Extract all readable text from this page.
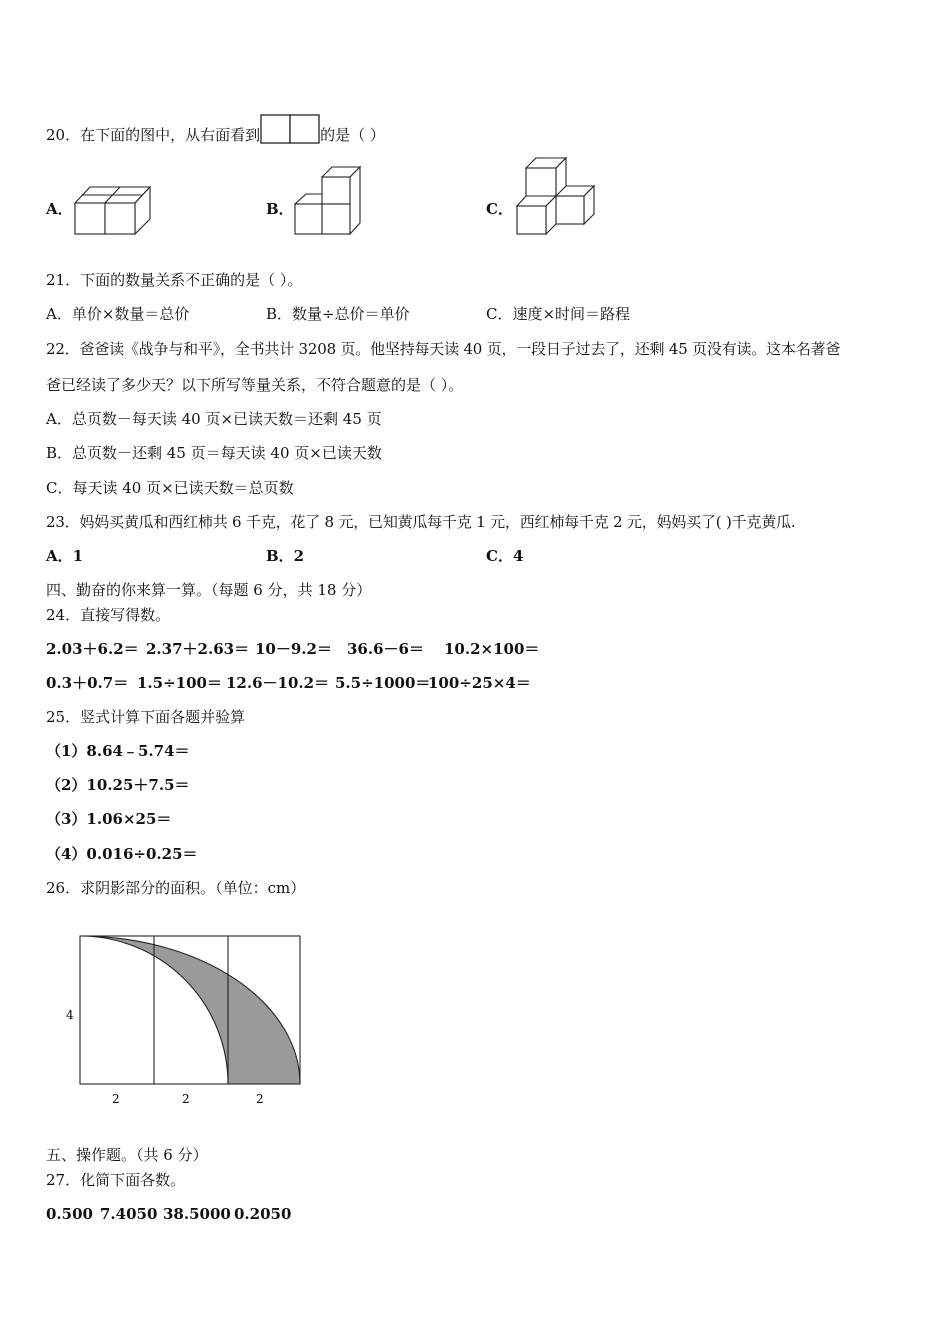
20．在下面的图中，从右面看到	的是（ ）
A．	B．	C．
21．下面的数量关系不正确的是（ ）。
A．单价×数量＝总价	B．数量÷总价＝单价	C．速度×时间＝路程
22．爸爸读《战争与和平》，全书共计 3208 页。他坚持每天读 40 页，一段日子过去了，还剩 45 页没有读。这本名著爸
爸已经读了多少天？以下所写等量关系，不符合题意的是（ ）。
A．总页数－每天读 40 页×已读天数＝还剩 45 页
B．总页数－还剩 45 页＝每天读 40 页×已读天数
C．每天读 40 页×已读天数＝总页数
23．妈妈买黄瓜和西红柿共 6 千克，花了 8 元，已知黄瓜每千克 1 元，西红柿每千克 2 元，妈妈买了( )千克黄瓜.
A．1	B．2	C．4
四、勤奋的你来算一算。（每题 6 分，共 18 分）
24．直接写得数。
2.03＋6.2＝ 2.37＋2.63＝ 10－9.2＝ 36.6－6＝ 10.2×100＝
0.3＋0.7＝ 1.5÷100＝ 12.6－10.2＝ 5.5÷1000＝100÷25×4＝
25．竖式计算下面各题并验算
（1）8.64﹣5.74＝
（2）10.25＋7.5＝
（3）1.06×25＝
（4）0.016÷0.25＝
26．求阴影部分的面积。（单位：cm）
4
2	2	2
五、操作题。（共 6 分）
27．化简下面各数。
0.500 7.4050 38.5000 0.2050
